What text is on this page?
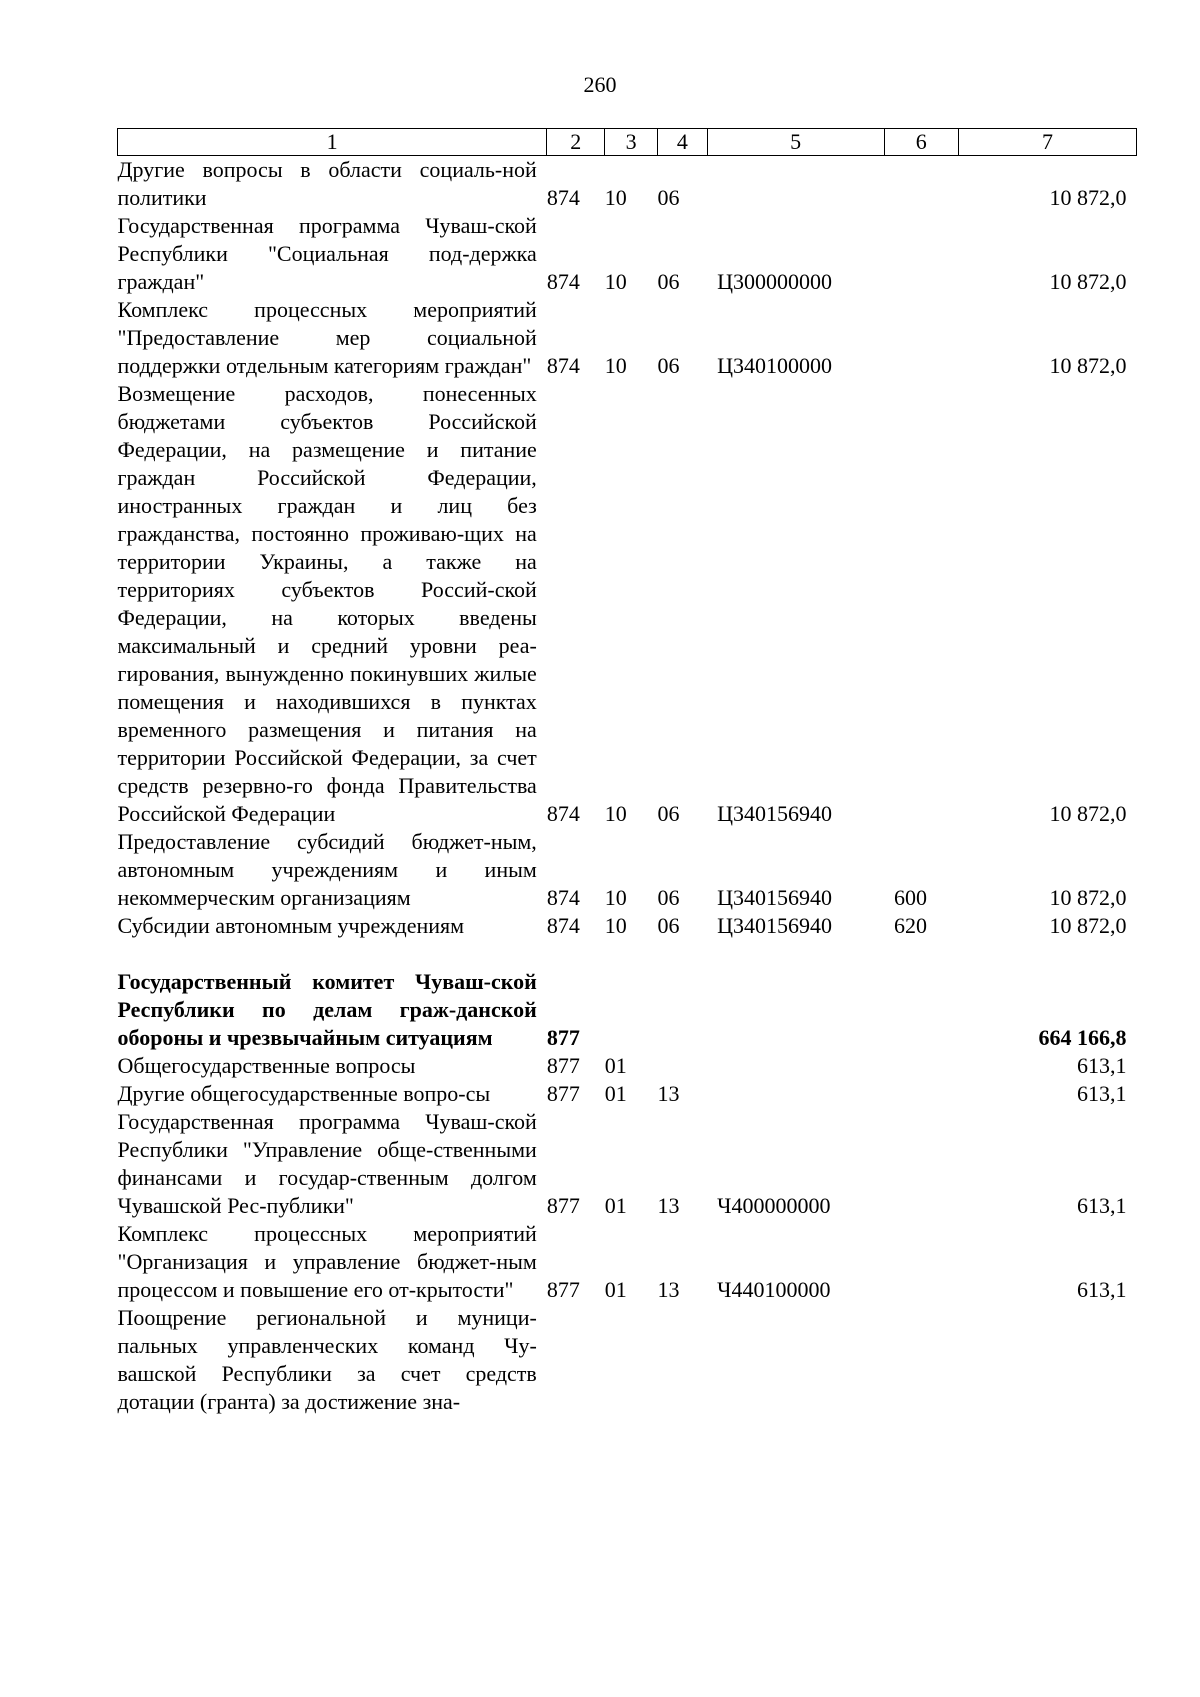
260
1	2	3	4	5	6	7
Другие вопросы в области социаль-ной политики	874	10	06			10 872,0
Государственная программа Чуваш-ской Республики "Социальная под-держка граждан"	874	10	06	Ц300000000		10 872,0
Комплекс процессных мероприятий "Предоставление мер социальной поддержки отдельным категориям граждан"	874	10	06	Ц340100000		10 872,0
Возмещение расходов, понесенных бюджетами субъектов Российской Федерации, на размещение и питание граждан Российской Федерации, иностранных граждан и лиц без гражданства, постоянно проживаю-щих на территории Украины, а также на территориях субъектов Россий-ской Федерации, на которых введены максимальный и средний уровни реа-гирования, вынужденно покинувших жилые помещения и находившихся в пунктах временного размещения и питания на территории Российской Федерации, за счет средств резервно-го фонда Правительства Российской Федерации	874	10	06	Ц340156940		10 872,0
Предоставление субсидий бюджет-ным, автономным учреждениям и иным некоммерческим организациям	874	10	06	Ц340156940	600	10 872,0
Субсидии автономным учреждениям	874	10	06	Ц340156940	620	10 872,0

Государственный комитет Чуваш-ской Республики по делам граж-данской обороны и чрезвычайным ситуациям	877					664 166,8
Общегосударственные вопросы	877	01				613,1
Другие общегосударственные вопро-сы	877	01	13			613,1
Государственная программа Чуваш-ской Республики "Управление обще-ственными финансами и государ-ственным долгом Чувашской Рес-публики"	877	01	13	Ч400000000		613,1
Комплекс процессных мероприятий "Организация и управление бюджет-ным процессом и повышение его от-крытости"	877	01	13	Ч440100000		613,1
Поощрение региональной и муници-пальных управленческих команд Чу-вашской Республики за счет средств дотации (гранта) за достижение зна-						
